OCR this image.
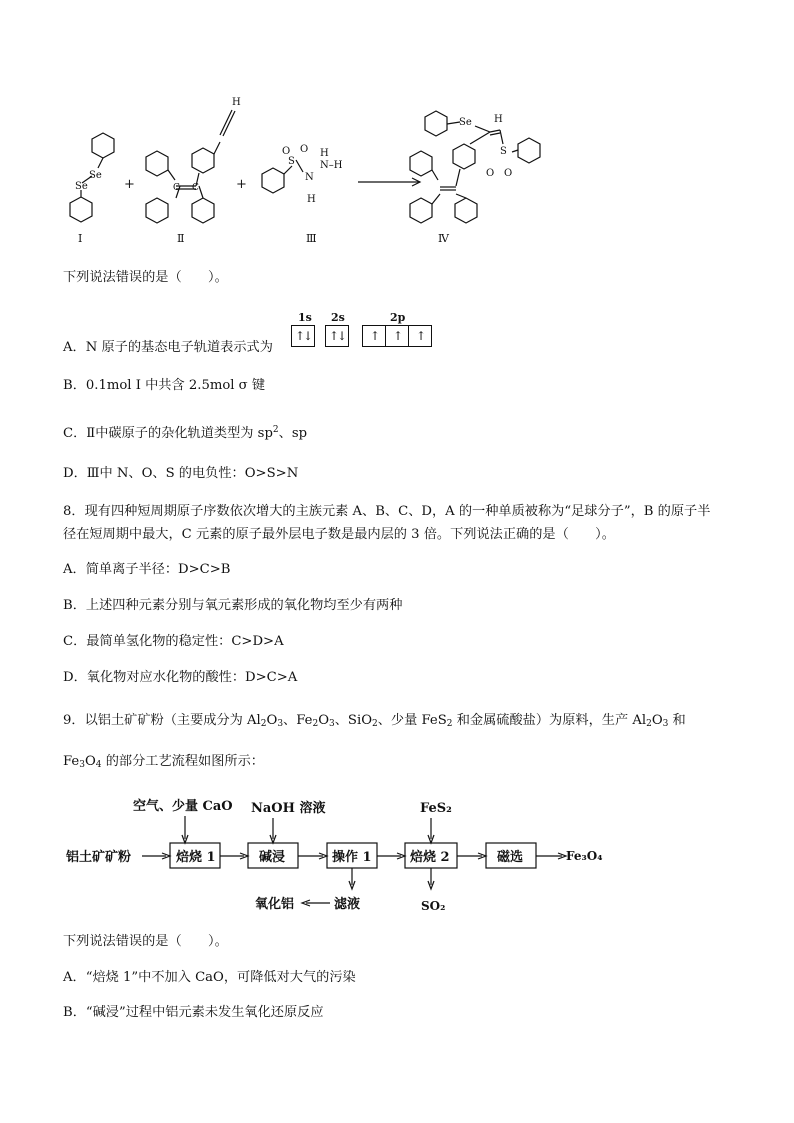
Se
Se
H
C C
S
O O
N
N–H
H
H
Se H
S
O O
Ⅰ	Ⅱ	Ⅲ	Ⅳ
+	+
下列说法错误的是（　　）。
A．N 原子的基态电子轨道表示式为
1s 2s	2p
↑↓ ↑↓	↑	↑	↑
B．0.1mol I 中共含 2.5mol σ 键
C．Ⅱ中碳原子的杂化轨道类型为 $sp^2$、sp
D．Ⅲ中 N、O、S 的电负性：O>S>N
8．现有四种短周期原子序数依次增大的主族元素 A、B、C、D，A 的一种单质被称为“足球分子”，B 的原子半径在短周期中最大，C 元素的原子最外层电子数是最内层的 3 倍。下列说法正确的是（　　）。
A．简单离子半径：D>C>B
B．上述四种元素分别与氧元素形成的氧化物均至少有两种
C．最简单氢化物的稳定性：C>D>A
D．氧化物对应水化物的酸性：D>C>A
9．以铝土矿矿粉（主要成分为 $Al_2O_3$、$Fe_2O_3$、SiO$_2$、少量 FeS$_2$ 和金属硫酸盐）为原料，生产 $Al_2O_3$ 和
$Fe_3O_4$ 的部分工艺流程如图所示：
空气、少量 CaO NaOH 溶液	FeS₂
铝土矿矿粉	焙烧 1	碱浸	操作 1	焙烧 2	磁选	Fe₃O₄
滤液
氧化铝	SO₂
下列说法错误的是（　　）。
A．“焙烧 1”中不加入 CaO，可降低对大气的污染
B．“碱浸”过程中铝元素未发生氧化还原反应
